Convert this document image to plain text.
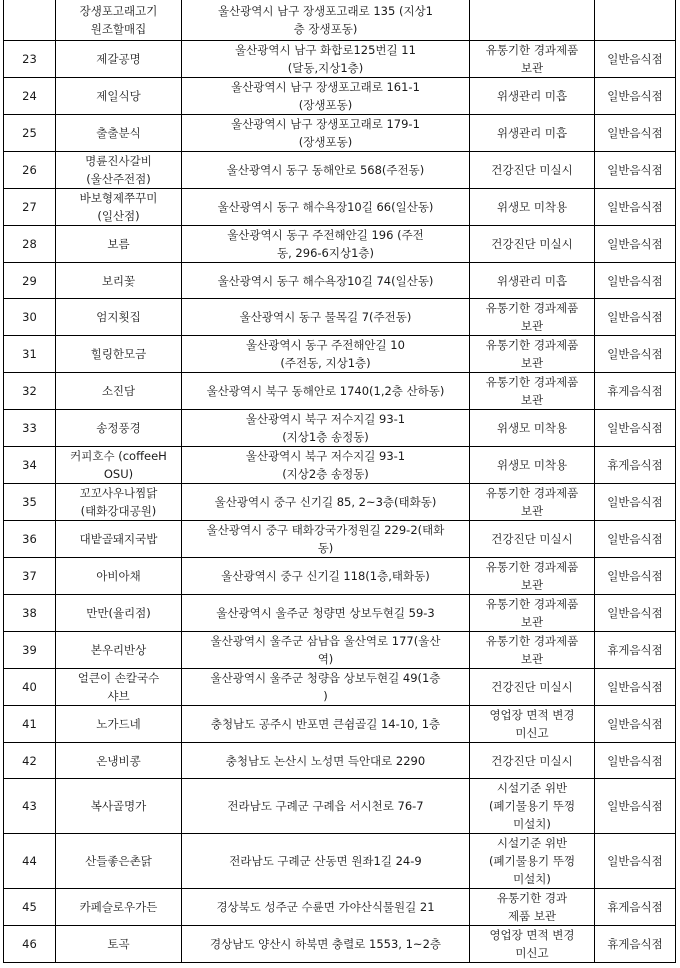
	장생포고래고기
원조할매집	울산광역시 남구 장생포고래로 135 (지상1
층 장생포동)		
23	제갈공명	울산광역시 남구 화합로125번길 11
(달동,지상1층)	유통기한 경과제품
보관	일반음식점
24	제일식당	울산광역시 남구 장생포고래로 161-1
(장생포동)	위생관리 미흡	일반음식점
25	출출분식	울산광역시 남구 장생포고래로 179-1
(장생포동)	위생관리 미흡	일반음식점
26	명륜진사갈비
(울산주전점)	울산광역시 동구 동해안로 568(주전동)	건강진단 미실시	일반음식점
27	바보형제쭈꾸미
(일산점)	울산광역시 동구 해수욕장10길 66(일산동)	위생모 미착용	일반음식점
28	보름	울산광역시 동구 주전해안길 196 (주전
동, 296-6지상1층)	건강진단 미실시	일반음식점
29	보리꽃	울산광역시 동구 해수욕장10길 74(일산동)	위생관리 미흡	일반음식점
30	엄지횟집	울산광역시 동구 물목길 7(주전동)	유통기한 경과제품
보관	일반음식점
31	힐링한모금	울산광역시 동구 주전해안길 10
(주전동, 지상1층)	유통기한 경과제품
보관	일반음식점
32	소진담	울산광역시 북구 동해안로 1740(1,2층 산하동)	유통기한 경과제품
보관	휴게음식점
33	송정풍경	울산광역시 북구 저수지길 93-1
(지상1층 송정동)	위생모 미착용	일반음식점
34	커피호수 (coffeeH
OSU)	울산광역시 북구 저수지길 93-1
(지상2층 송정동)	위생모 미착용	휴게음식점
35	꼬꼬사우나찜닭
(태화강대공원)	울산광역시 중구 신기길 85, 2~3층(태화동)	유통기한 경과제품
보관	일반음식점
36	대밭골돼지국밥	울산광역시 중구 태화강국가정원길 229-2(태화
동)	건강진단 미실시	일반음식점
37	아비아채	울산광역시 중구 신기길 118(1층,태화동)	유통기한 경과제품
보관	일반음식점
38	만만(율리점)	울산광역시 울주군 청량면 상보두현길 59-3	유통기한 경과제품
보관	일반음식점
39	본우리반상	울산광역시 울주군 삼남읍 울산역로 177(울산
역)	유통기한 경과제품
보관	휴게음식점
40	얼큰이 손칼국수
샤브	울산광역시 울주군 청량읍 상보두현길 49(1층
)	건강진단 미실시	일반음식점
41	노가드네	충청남도 공주시 반포면 큰쉼골길 14-10, 1층	영업장 면적 변경
미신고	일반음식점
42	온냉비콩	충청남도 논산시 노성면 득안대로 2290	건강진단 미실시	일반음식점
43	복사골명가	전라남도 구례군 구례읍 서시천로 76-7	시설기준 위반
(폐기물용기 뚜껑
미설치)	일반음식점
44	산들좋은촌닭	전라남도 구례군 산동면 원좌1길 24-9	시설기준 위반
(폐기물용기 뚜껑
미설치)	일반음식점
45	카페슬로우가든	경상북도 성주군 수륜면 가야산식물원길 21	유통기한 경과
제품 보관	휴게음식점
46	토곡	경상남도 양산시 하북면 충렬로 1553, 1~2층	영업장 면적 변경
미신고	휴게음식점
